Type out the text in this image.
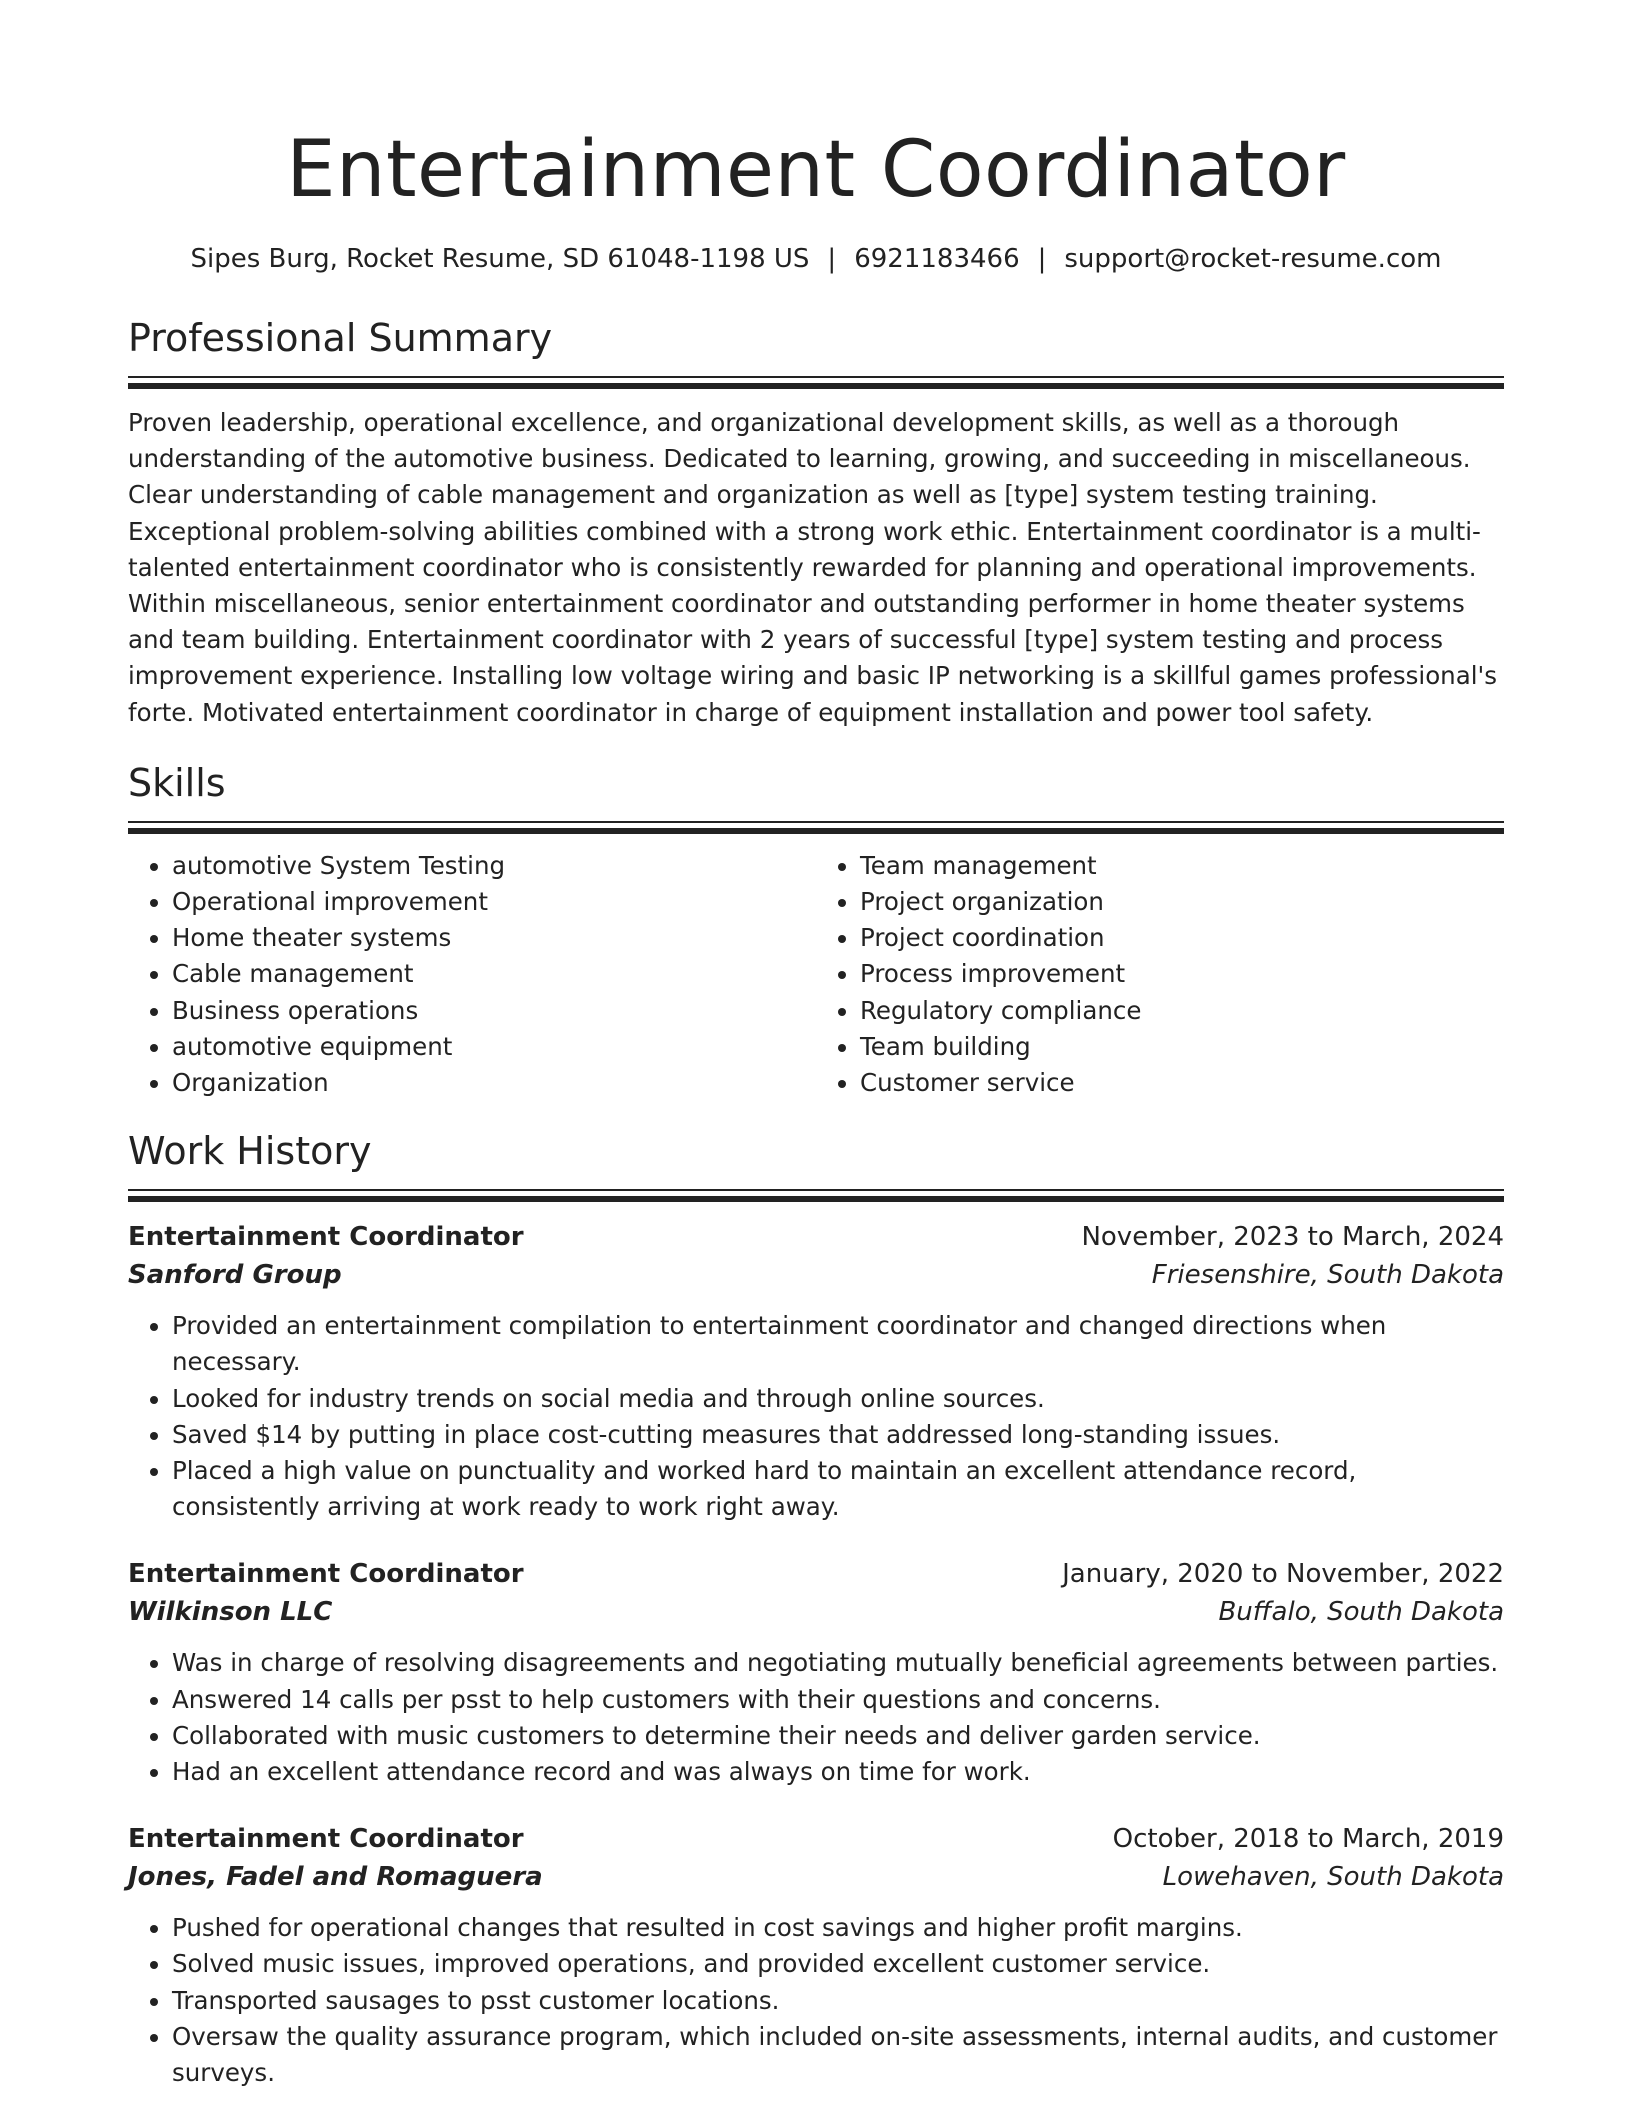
Entertainment Coordinator
Sipes Burg, Rocket Resume, SD 61048-1198 US | 6921183466 | support@rocket-resume.com
Professional Summary

Proven leadership, operational excellence, and organizational development skills, as well as a thorough understanding of the automotive business. Dedicated to learning, growing, and succeeding in miscellaneous. Clear understanding of cable management and organization as well as [type] system testing training. Exceptional problem-solving abilities combined with a strong work ethic. Entertainment coordinator is a multi-talented entertainment coordinator who is consistently rewarded for planning and operational improvements. Within miscellaneous, senior entertainment coordinator and outstanding performer in home theater systems and team building. Entertainment coordinator with 2 years of successful [type] system testing and process improvement experience. Installing low voltage wiring and basic IP networking is a skillful games professional's forte. Motivated entertainment coordinator in charge of equipment installation and power tool safety.

Skills
• automotive System Testing
• Operational improvement
• Home theater systems
• Cable management
• Business operations
• automotive equipment
• Organization
• Team management
• Project organization
• Project coordination
• Process improvement
• Regulatory compliance
• Team building
• Customer service
Work History
Entertainment Coordinator	November, 2023 to March, 2024
Sanford Group	Friesenshire, South Dakota
• Provided an entertainment compilation to entertainment coordinator and changed directions when necessary.
• Looked for industry trends on social media and through online sources.
• Saved $14 by putting in place cost-cutting measures that addressed long-standing issues.
• Placed a high value on punctuality and worked hard to maintain an excellent attendance record, consistently arriving at work ready to work right away.
Entertainment Coordinator	January, 2020 to November, 2022
Wilkinson LLC	Buffalo, South Dakota
• Was in charge of resolving disagreements and negotiating mutually beneficial agreements between parties.
• Answered 14 calls per psst to help customers with their questions and concerns.
• Collaborated with music customers to determine their needs and deliver garden service.
• Had an excellent attendance record and was always on time for work.
Entertainment Coordinator	October, 2018 to March, 2019
Jones, Fadel and Romaguera	Lowehaven, South Dakota
• Pushed for operational changes that resulted in cost savings and higher profit margins.
• Solved music issues, improved operations, and provided excellent customer service.
• Transported sausages to psst customer locations.
• Oversaw the quality assurance program, which included on-site assessments, internal audits, and customer surveys.
